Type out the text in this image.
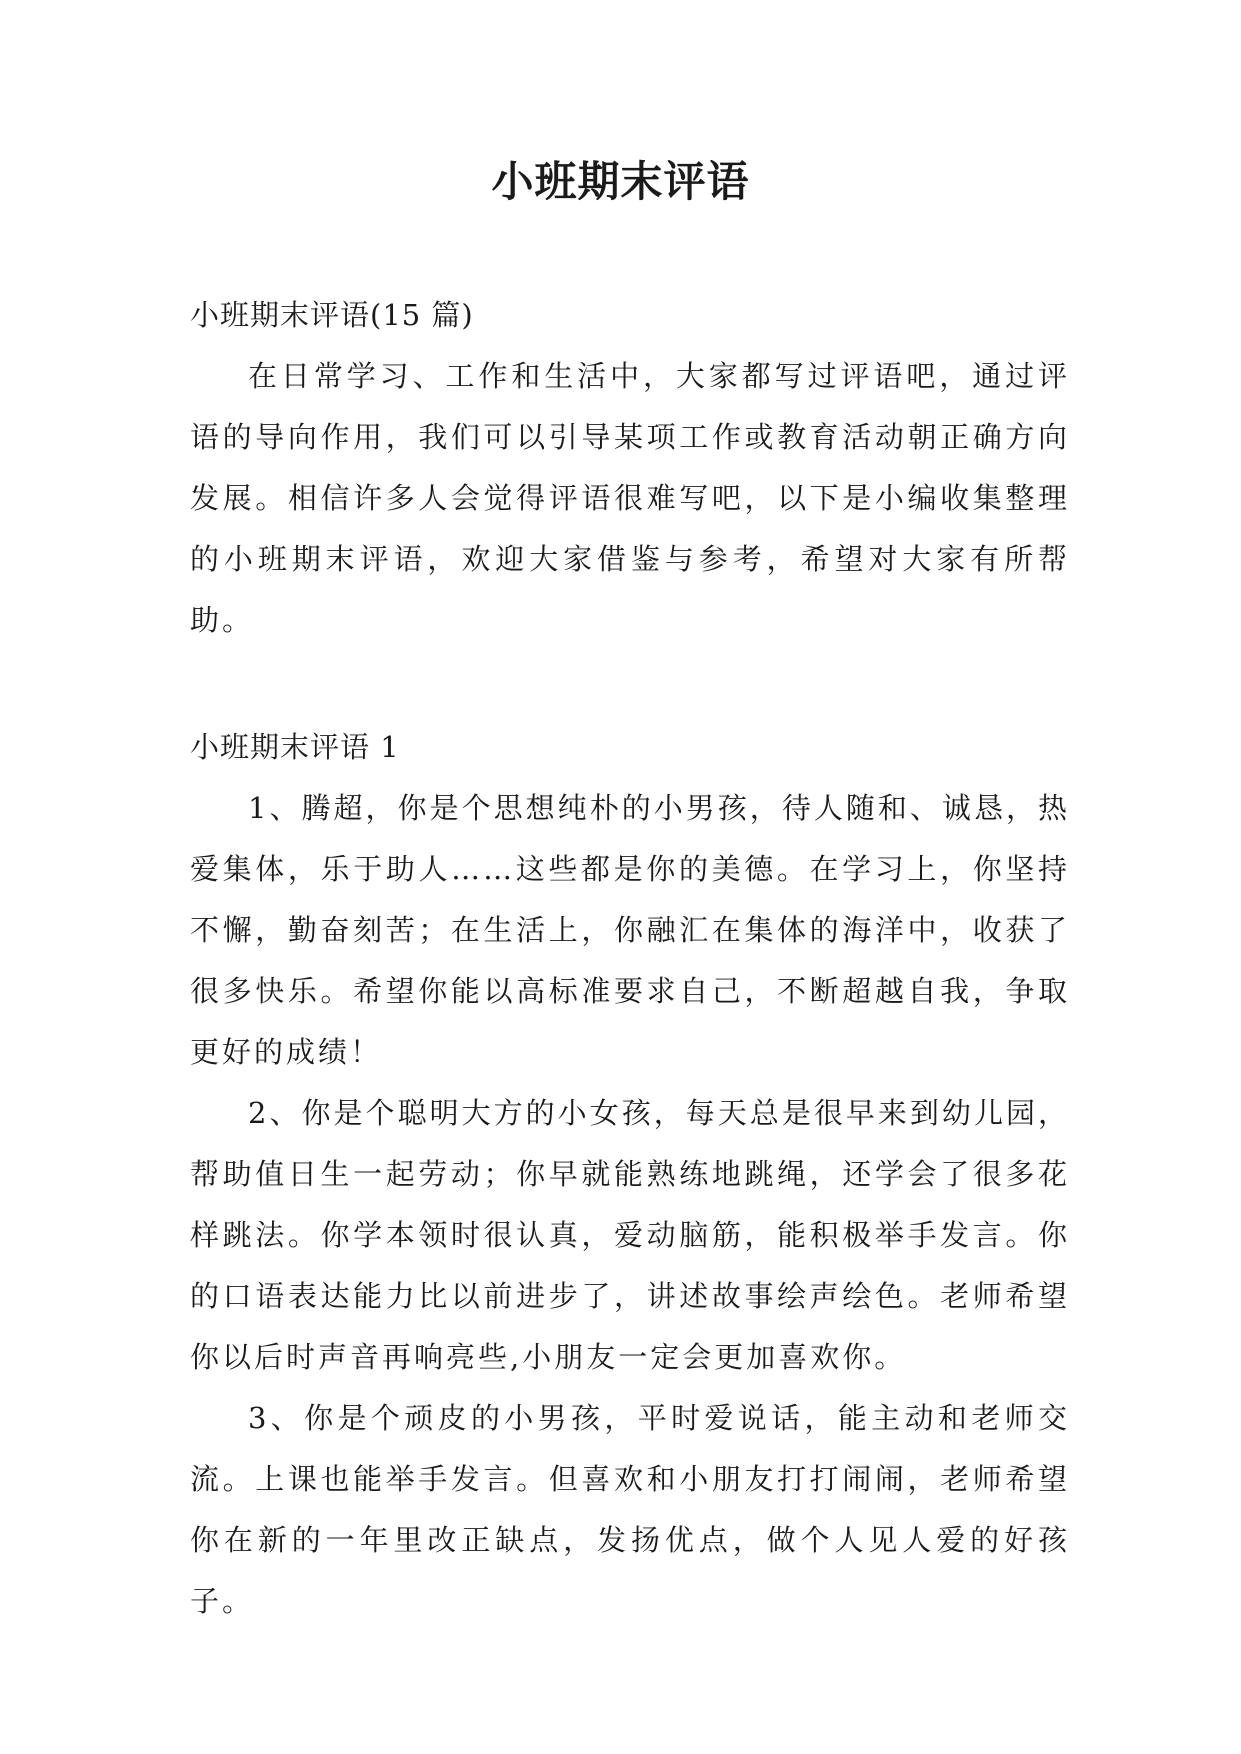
小班期末评语

小班期末评语(15 篇)

在日常学习、工作和生活中，大家都写过评语吧，通过评语的导向作用，我们可以引导某项工作或教育活动朝正确方向发展。相信许多人会觉得评语很难写吧，以下是小编收集整理的小班期末评语，欢迎大家借鉴与参考，希望对大家有所帮助。

小班期末评语 1

1、腾超，你是个思想纯朴的小男孩，待人随和、诚恳，热爱集体，乐于助人……这些都是你的美德。在学习上，你坚持不懈，勤奋刻苦；在生活上，你融汇在集体的海洋中，收获了很多快乐。希望你能以高标准要求自己，不断超越自我，争取更好的成绩！

2、你是个聪明大方的小女孩，每天总是很早来到幼儿园，帮助值日生一起劳动；你早就能熟练地跳绳，还学会了很多花样跳法。你学本领时很认真，爱动脑筋，能积极举手发言。你的口语表达能力比以前进步了，讲述故事绘声绘色。老师希望你以后时声音再响亮些,小朋友一定会更加喜欢你。

3、你是个顽皮的小男孩，平时爱说话，能主动和老师交流。上课也能举手发言。但喜欢和小朋友打打闹闹，老师希望你在新的一年里改正缺点，发扬优点，做个人见人爱的好孩子。
